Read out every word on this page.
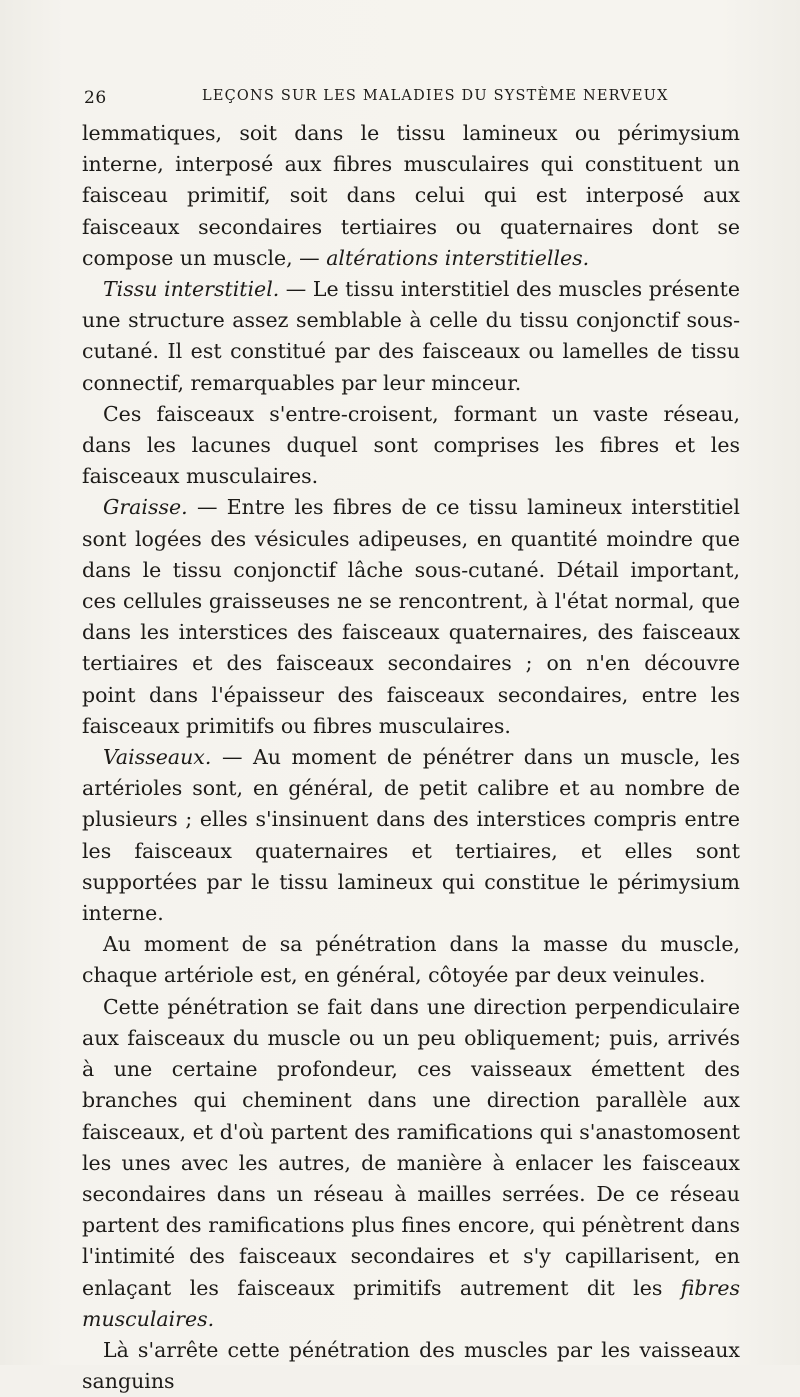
26	LEÇONS SUR LES MALADIES DU SYSTÈME NERVEUX

lemmatiques, soit dans le tissu lamineux ou périmysium interne, interposé aux fibres musculaires qui constituent un faisceau primitif, soit dans celui qui est interposé aux faisceaux secondaires tertiaires ou quaternaires dont se compose un muscle, — altérations interstitielles.

Tissu interstitiel. — Le tissu interstitiel des muscles présente une structure assez semblable à celle du tissu conjonctif sous-cutané. Il est constitué par des faisceaux ou lamelles de tissu connectif, remarquables par leur minceur.

Ces faisceaux s'entre-croisent, formant un vaste réseau, dans les lacunes duquel sont comprises les fibres et les faisceaux musculaires.

Graisse. — Entre les fibres de ce tissu lamineux interstitiel sont logées des vésicules adipeuses, en quantité moindre que dans le tissu conjonctif lâche sous-cutané. Détail important, ces cellules graisseuses ne se rencontrent, à l'état normal, que dans les interstices des faisceaux quaternaires, des faisceaux tertiaires et des faisceaux secondaires ; on n'en découvre point dans l'épaisseur des faisceaux secondaires, entre les faisceaux primitifs ou fibres musculaires.

Vaisseaux. — Au moment de pénétrer dans un muscle, les artérioles sont, en général, de petit calibre et au nombre de plusieurs ; elles s'insinuent dans des interstices compris entre les faisceaux quaternaires et tertiaires, et elles sont supportées par le tissu lamineux qui constitue le périmysium interne.

Au moment de sa pénétration dans la masse du muscle, chaque artériole est, en général, côtoyée par deux veinules.

Cette pénétration se fait dans une direction perpendiculaire aux faisceaux du muscle ou un peu obliquement; puis, arrivés à une certaine profondeur, ces vaisseaux émettent des branches qui cheminent dans une direction parallèle aux faisceaux, et d'où partent des ramifications qui s'anastomosent les unes avec les autres, de manière à enlacer les faisceaux secondaires dans un réseau à mailles serrées. De ce réseau partent des ramifications plus fines encore, qui pénètrent dans l'intimité des faisceaux secondaires et s'y capillarisent, en enlaçant les faisceaux primitifs autrement dit les fibres musculaires.

Là s'arrête cette pénétration des muscles par les vaisseaux sanguins
